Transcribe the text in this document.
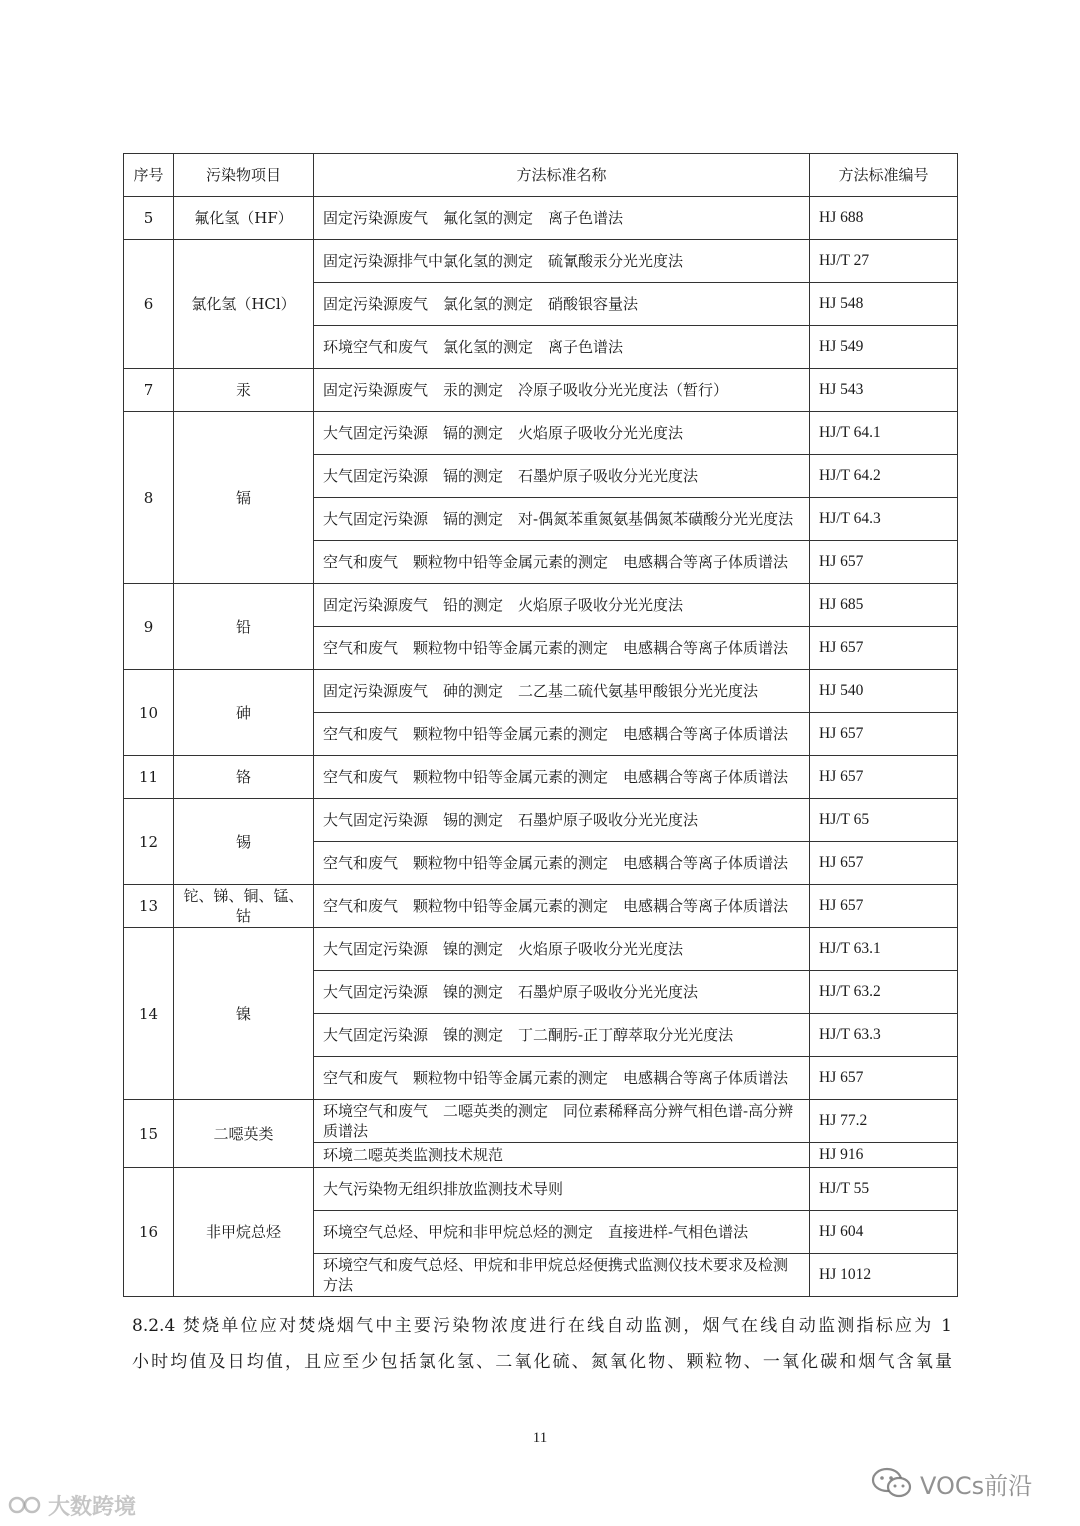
序号	污染物项目	方法标准名称	方法标准编号
5	氟化氢（HF）	固定污染源废气　氟化氢的测定　离子色谱法	HJ 688
6	氯化氢（HCl）	固定污染源排气中氯化氢的测定　硫氰酸汞分光光度法	HJ/T 27
		固定污染源废气　氯化氢的测定　硝酸银容量法	HJ 548
		环境空气和废气　氯化氢的测定　离子色谱法	HJ 549
7	汞	固定污染源废气　汞的测定　冷原子吸收分光光度法（暂行）	HJ 543
8	镉	大气固定污染源　镉的测定　火焰原子吸收分光光度法	HJ/T 64.1
		大气固定污染源　镉的测定　石墨炉原子吸收分光光度法	HJ/T 64.2
		大气固定污染源　镉的测定　对-偶氮苯重氮氨基偶氮苯磺酸分光光度法	HJ/T 64.3
		空气和废气　颗粒物中铅等金属元素的测定　电感耦合等离子体质谱法	HJ 657
9	铅	固定污染源废气　铅的测定　火焰原子吸收分光光度法	HJ 685
		空气和废气　颗粒物中铅等金属元素的测定　电感耦合等离子体质谱法	HJ 657
10	砷	固定污染源废气　砷的测定　二乙基二硫代氨基甲酸银分光光度法	HJ 540
		空气和废气　颗粒物中铅等金属元素的测定　电感耦合等离子体质谱法	HJ 657
11	铬	空气和废气　颗粒物中铅等金属元素的测定　电感耦合等离子体质谱法	HJ 657
12	锡	大气固定污染源　锡的测定　石墨炉原子吸收分光光度法	HJ/T 65
		空气和废气　颗粒物中铅等金属元素的测定　电感耦合等离子体质谱法	HJ 657
13	铊、锑、铜、锰、钴	空气和废气　颗粒物中铅等金属元素的测定　电感耦合等离子体质谱法	HJ 657
14	镍	大气固定污染源　镍的测定　火焰原子吸收分光光度法	HJ/T 63.1
		大气固定污染源　镍的测定　石墨炉原子吸收分光光度法	HJ/T 63.2
		大气固定污染源　镍的测定　丁二酮肟-正丁醇萃取分光光度法	HJ/T 63.3
		空气和废气　颗粒物中铅等金属元素的测定　电感耦合等离子体质谱法	HJ 657
15	二噁英类	环境空气和废气　二噁英类的测定　同位素稀释高分辨气相色谱-高分辨质谱法	HJ 77.2
		环境二噁英类监测技术规范	HJ 916
16	非甲烷总烃	大气污染物无组织排放监测技术导则	HJ/T 55
		环境空气总烃、甲烷和非甲烷总烃的测定　直接进样-气相色谱法	HJ 604
		环境空气和废气总烃、甲烷和非甲烷总烃便携式监测仪技术要求及检测方法	HJ 1012
8.2.4 焚烧单位应对焚烧烟气中主要污染物浓度进行在线自动监测，烟气在线自动监测指标应为 1
小时均值及日均值，且应至少包括氯化氢、二氧化硫、氮氧化物、颗粒物、一氧化碳和烟气含氧量
11
大数跨境
VOCs前沿
